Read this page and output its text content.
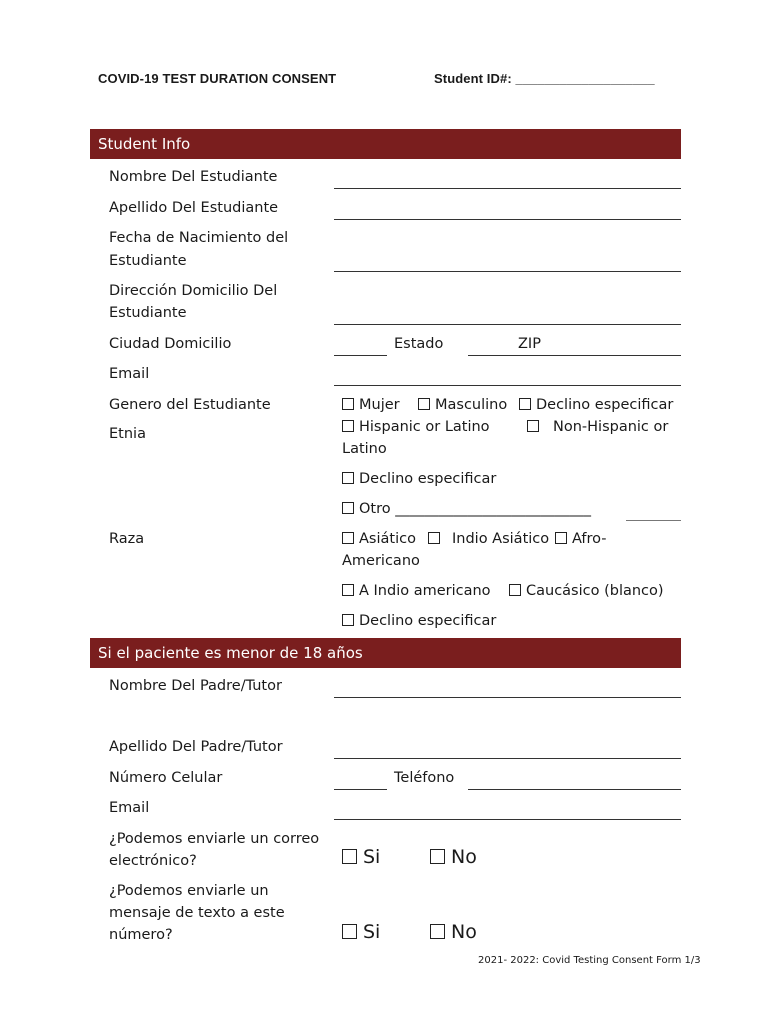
COVID-19 TEST DURATION CONSENT	Student ID#: ___________________
Student Info
Nombre Del Estudiante
Apellido Del Estudiante
Fecha de Nacimiento del
Estudiante
Dirección Domicilio Del
Estudiante
Ciudad Domicilio	Estado	ZIP
Email
Genero del Estudiante	Mujer	Masculino	Declino especificar
Etnia	Hispanic or Latino	Non-Hispanic or
Latino
Declino especificar
Otro ___________________________
Raza	Asiático	Indio Asiático	Afro-
Americano
A Indio americano	Caucásico (blanco)
Declino especificar
Si el paciente es menor de 18 años
Nombre Del Padre/Tutor
Apellido Del Padre/Tutor
Número Celular	Teléfono
Email
¿Podemos enviarle un correo
electrónico?	Si	No
¿Podemos enviarle un
mensaje de texto a este
número?	Si	No
2021- 2022: Covid Testing Consent Form 1/3
